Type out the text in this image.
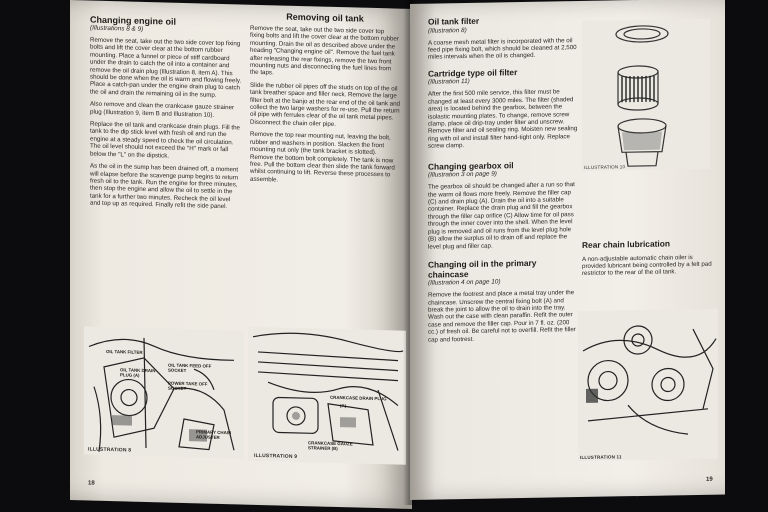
Changing engine oil
(Illustrations 8 & 9)

Remove the seat, take out the two side cover top fixing bolts and lift the cover clear at the bottom rubber mounting. Place a funnel or piece of stiff cardboard under the drain to catch the oil into a container and remove the oil drain plug (Illustration 8, item A). This should be done when the oil is warm and flowing freely. Place a catch-pan under the engine drain plug to catch the oil and drain the remaining oil in the sump.

Also remove and clean the crankcase gauze strainer plug (Illustration 9, item B and Illustration 10).

Replace the oil tank and crankcase drain plugs. Fill the tank to the dip stick level with fresh oil and run the engine at a steady speed to check the oil circulation. The oil level should not exceed the "H" mark or fall below the "L" on the dipstick.

As the oil in the sump has been drained off, a moment will elapse before the scavenge pump begins to return fresh oil to the tank. Run the engine for three minutes, then stop the engine and allow the oil to settle in the tank for a further two minutes. Recheck the oil level and top up as required. Finally refit the side panel.

Removing oil tank

Remove the seat, take out the two side cover top fixing bolts and lift the cover clear at the bottom rubber mounting. Drain the oil as described above under the heading "Changing engine oil". Remove the fuel tank after releasing the rear fixings, remove the two front mounting nuts and disconnecting the fuel lines from the taps.

Slide the rubber oil pipes off the studs on top of the oil tank breather space and filler neck. Remove the large filter bolt at the banjo at the rear end of the oil tank and collect the two large washers for re-use. Pull the return oil pipe with ferrules clear of the oil tank metal pipes. Disconnect the chain oiler pipe.

Remove the top rear mounting nut, leaving the bolt, rubber and washers in position. Slacken the front mounting nut only (the tank bracket is slotted). Remove the bottom bolt completely. The tank is now free. Pull the bottom clear then slide the tank forward whilst continuing to lift. Reverse these processes to assemble.

OIL TANK FILTER
OIL TANK DRAIN PLUG (A)
OIL TANK FEED OFF SOCKET
POWER TAKE OFF SOCKET
PRIMARY CHAIN ADJUSTER
ILLUSTRATION 8
CRANKCASE DRAIN PLUG
(A)
CRANKCASE GAUZE STRAINER (B)
ILLUSTRATION 9
18
Oil tank filter
(Illustration 8)

A coarse mesh metal filter is incorporated with the oil feed pipe fixing bolt, which should be cleaned at 2,500 miles intervals when the oil is changed.

Cartridge type oil filter
(Illustration 11)

After the first 500 mile service, this filter must be changed at least every 3000 miles. The filter (shaded area) is located behind the gearbox, between the isolastic mounting plates. To change, remove screw clamp, place oil drip-tray under filter and unscrew. Remove filter and oil sealing ring. Moisten new sealing ring with oil and install filter hand-tight only. Replace screw clamp.

Changing gearbox oil
(Illustration 3 on page 9)

The gearbox oil should be changed after a run so that the warm oil flows more freely. Remove the filler cap (C) and drain plug (A). Drain the oil into a suitable container. Replace the drain plug and fill the gearbox through the filler cap orifice (C) Allow time for oil pass through the inner cover into the shell. When the level plug is removed and oil runs from the level plug hole (B) allow the surplus oil to drain off and replace the level plug and filler cap.

Changing oil in the primary chaincase
(Illustration 4 on page 10)

Remove the footrest and place a metal tray under the chaincase. Unscrew the central fixing bolt (A) and break the joint to allow the oil to drain into the tray. Wash out the case with clean paraffin. Refit the outer case and remove the filler cap. Pour in 7 fl. oz. (200 cc.) of fresh oil. Be careful not to overfill. Refit the filler cap and footrest.

ILLUSTRATION 10
Rear chain lubrication

A non-adjustable automatic chain oiler is provided lubricant being controlled by a felt pad restrictor to the rear of the oil tank.

ILLUSTRATION 11
19
